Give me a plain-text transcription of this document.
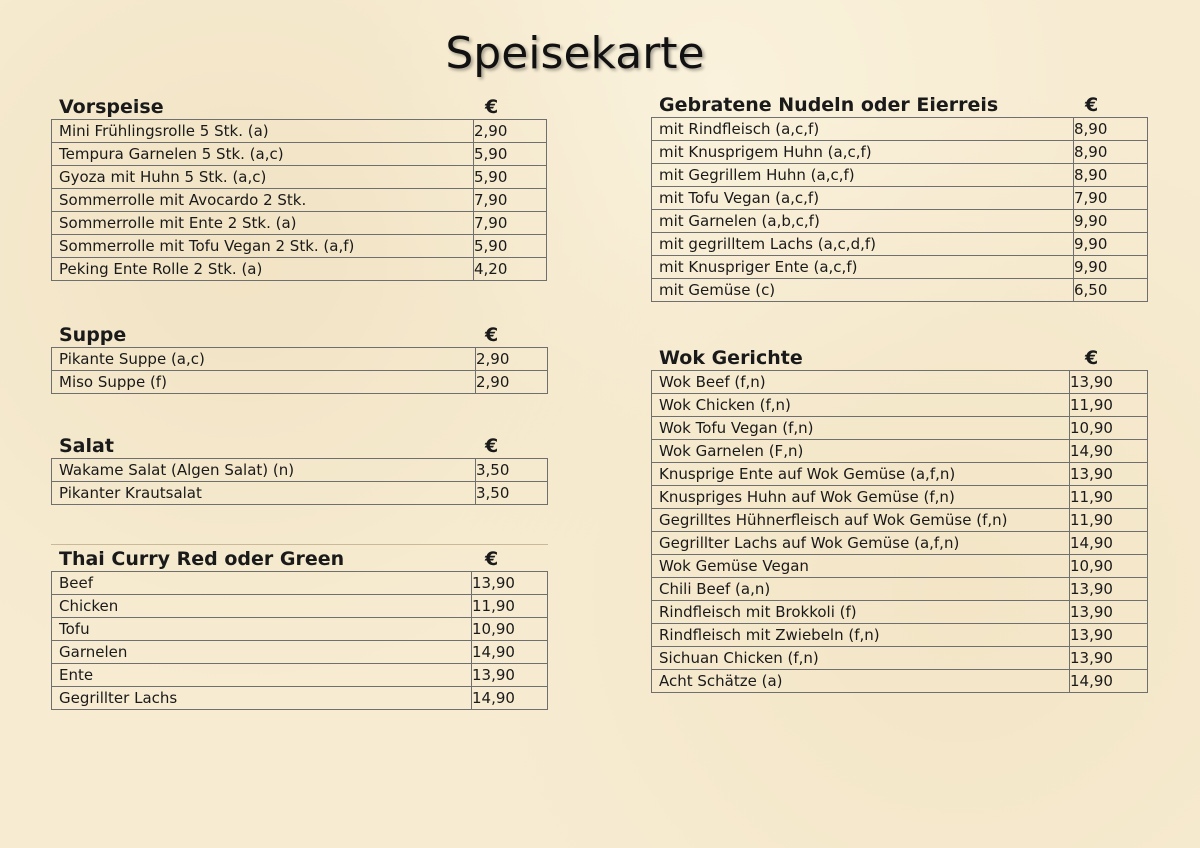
Speisekarte
Vorspeise	€
Mini Frühlingsrolle 5 Stk. (a)	2,90
Tempura Garnelen 5 Stk. (a,c)	5,90
Gyoza mit Huhn 5 Stk. (a,c)	5,90
Sommerrolle mit Avocardo 2 Stk.	7,90
Sommerrolle mit Ente 2 Stk. (a)	7,90
Sommerrolle mit Tofu Vegan 2 Stk. (a,f)	5,90
Peking Ente Rolle 2 Stk. (a)	4,20
Suppe	€
Pikante Suppe (a,c)	2,90
Miso Suppe (f)	2,90
Salat	€
Wakame Salat (Algen Salat) (n)	3,50
Pikanter Krautsalat	3,50
Thai Curry Red oder Green	€
Beef	13,90
Chicken	11,90
Tofu	10,90
Garnelen	14,90
Ente	13,90
Gegrillter Lachs	14,90
Gebratene Nudeln oder Eierreis	€
mit Rindfleisch (a,c,f)	8,90
mit Knusprigem Huhn (a,c,f)	8,90
mit Gegrillem Huhn (a,c,f)	8,90
mit Tofu Vegan (a,c,f)	7,90
mit Garnelen (a,b,c,f)	9,90
mit gegrilltem Lachs (a,c,d,f)	9,90
mit Knuspriger Ente (a,c,f)	9,90
mit Gemüse (c)	6,50
Wok Gerichte	€
Wok Beef (f,n)	13,90
Wok Chicken (f,n)	11,90
Wok Tofu Vegan (f,n)	10,90
Wok Garnelen (F,n)	14,90
Knusprige Ente auf Wok Gemüse (a,f,n)	13,90
Knuspriges Huhn auf Wok Gemüse (f,n)	11,90
Gegrilltes Hühnerfleisch auf Wok Gemüse (f,n)	11,90
Gegrillter Lachs auf Wok Gemüse (a,f,n)	14,90
Wok Gemüse Vegan	10,90
Chili Beef (a,n)	13,90
Rindfleisch mit Brokkoli (f)	13,90
Rindfleisch mit Zwiebeln (f,n)	13,90
Sichuan Chicken (f,n)	13,90
Acht Schätze (a)	14,90
